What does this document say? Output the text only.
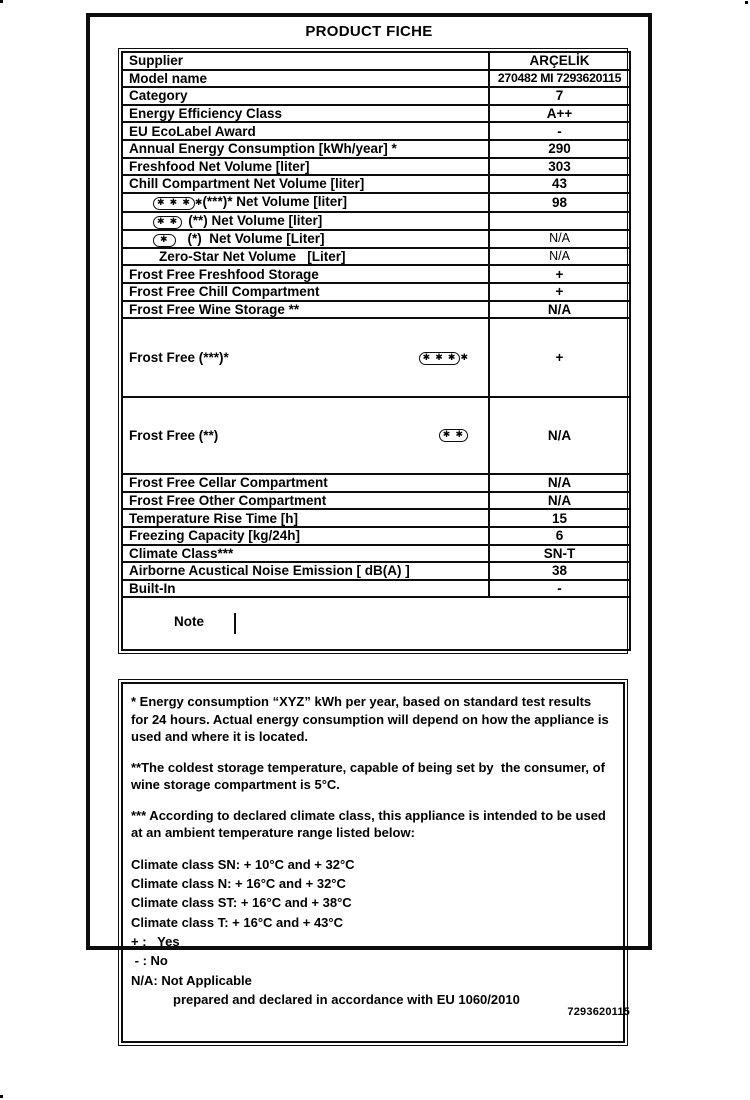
PRODUCT FICHE
Supplier	ARÇELİK
Model name	270482 MI 7293620115
Category	7
Energy Efficiency Class	A++
EU EcoLabel Award	-
Annual Energy Consumption [kWh/year] *	290
Freshfood Net Volume [liter]	303
Chill Compartment Net Volume [liter]	43
✱ ✱ ✱ ✱(***)* Net Volume [liter]	98
✱ ✱ (**) Net Volume [liter]	
✱ (*)  Net Volume [Liter]	N/A
Zero-Star Net Volume   [Liter]	N/A
Frost Free Freshfood Storage	+
Frost Free Chill Compartment	+
Frost Free Wine Storage **	N/A

Frost Free (***)* ✱ ✱ ✱ ✱	+

Frost Free (**) ✱ ✱	N/A
Frost Free Cellar Compartment	N/A
Frost Free Other Compartment	N/A
Temperature Rise Time [h]	15
Freezing Capacity [kg/24h]	6
Climate Class***	SN-T
Airborne Acustical Noise Emission [ dB(A) ]	38
Built-In	-

Note	

* Energy consumption “XYZ” kWh per year, based on standard test results for 24 hours. Actual energy consumption will depend on how the appliance is used and where it is located.
**The coldest storage temperature, capable of being set by  the consumer, of wine storage compartment is 5°C.
*** According to declared climate class, this appliance is intended to be used at an ambient temperature range listed below:
Climate class SN: + 10°C and + 32°C
Climate class N: + 16°C and + 32°C
Climate class ST: + 16°C and + 38°C
Climate class T: + 16°C and + 43°C
+ :   Yes
- : No
N/A: Not Applicable
prepared and declared in accordance with EU 1060/2010
7293620115
